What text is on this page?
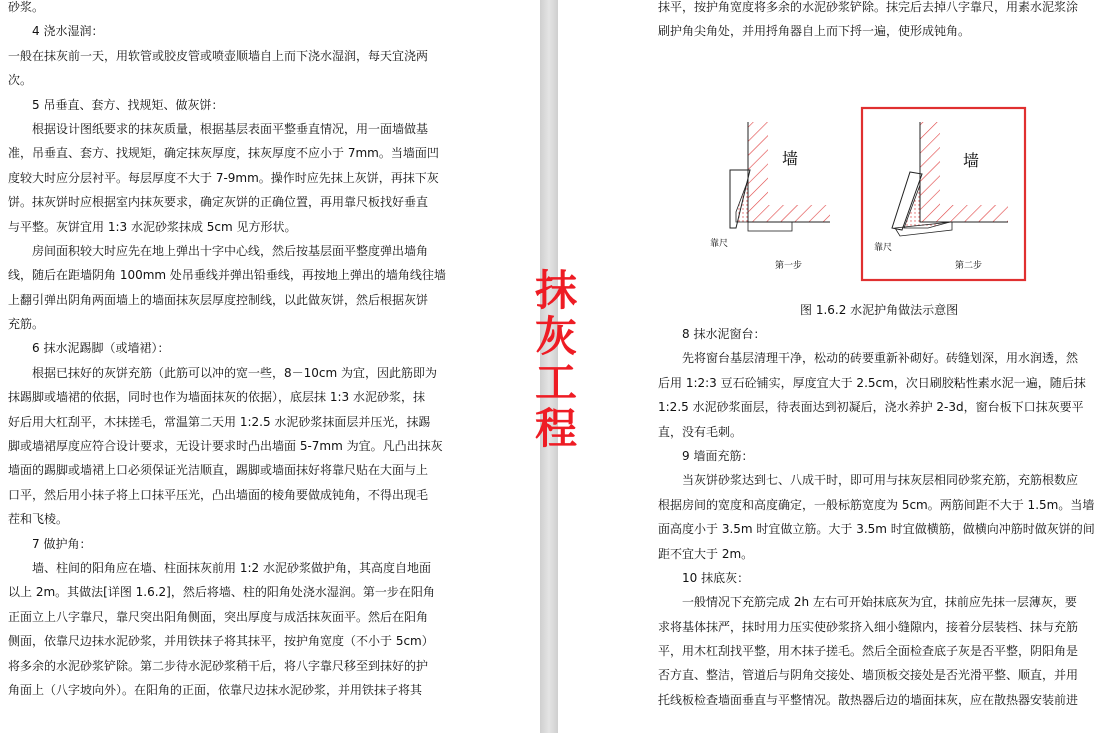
砂浆。
4 浇水湿润：
一般在抹灰前一天，用软管或胶皮管或喷壶顺墙自上而下浇水湿润，每天宜浇两
次。
5 吊垂直、套方、找规矩、做灰饼：
根据设计图纸要求的抹灰质量，根据基层表面平整垂直情况，用一面墙做基
准，吊垂直、套方、找规矩，确定抹灰厚度，抹灰厚度不应小于 7mm。当墙面凹
度较大时应分层衬平。每层厚度不大于 7-9mm。操作时应先抹上灰饼，再抹下灰
饼。抹灰饼时应根据室内抹灰要求，确定灰饼的正确位置，再用靠尺板找好垂直
与平整。灰饼宜用 1:3 水泥砂浆抹成 5cm 见方形状。
房间面积较大时应先在地上弹出十字中心线，然后按基层面平整度弹出墙角
线，随后在距墙阴角 100mm 处吊垂线并弹出铅垂线，再按地上弹出的墙角线往墙
上翻引弹出阴角两面墙上的墙面抹灰层厚度控制线，以此做灰饼，然后根据灰饼
充筋。
6 抹水泥踢脚（或墙裙）：
根据已抹好的灰饼充筋（此筋可以冲的宽一些，8－10cm 为宜，因此筋即为
抹踢脚或墙裙的依据，同时也作为墙面抹灰的依据），底层抹 1:3 水泥砂浆，抹
好后用大杠刮平，木抹搓毛，常温第二天用 1:2.5 水泥砂浆抹面层并压光，抹踢
脚或墙裙厚度应符合设计要求，无设计要求时凸出墙面 5-7mm 为宜。凡凸出抹灰
墙面的踢脚或墙裙上口必须保证光洁顺直，踢脚或墙面抹好将靠尺贴在大面与上
口平，然后用小抹子将上口抹平压光，凸出墙面的棱角要做成钝角，不得出现毛
茬和飞棱。
7 做护角：
墙、柱间的阳角应在墙、柱面抹灰前用 1:2 水泥砂浆做护角，其高度自地面
以上 2m。其做法[详图 1.6.2]，然后将墙、柱的阳角处浇水湿润。第一步在阳角
正面立上八字靠尺，靠尺突出阳角侧面，突出厚度与成活抹灰面平。然后在阳角
侧面，依靠尺边抹水泥砂浆，并用铁抹子将其抹平，按护角宽度（不小于 5cm）
将多余的水泥砂浆铲除。第二步待水泥砂浆稍干后，将八字靠尺移至到抹好的护
角面上（八字坡向外）。在阳角的正面，依靠尺边抹水泥砂浆，并用铁抹子将其
抹平，按护角宽度将多余的水泥砂浆铲除。抹完后去掉八字靠尺，用素水泥浆涂
刷护角尖角处，并用捋角器自上而下捋一遍，使形成钝角。
8 抹水泥窗台：
先将窗台基层清理干净，松动的砖要重新补砌好。砖缝划深，用水润透，然
后用 1:2:3 豆石砼铺实，厚度宜大于 2.5cm，次日刷胶粘性素水泥一遍，随后抹
1:2.5 水泥砂浆面层，待表面达到初凝后，浇水养护 2-3d，窗台板下口抹灰要平
直，没有毛刺。
9 墙面充筋：
当灰饼砂浆达到七、八成干时，即可用与抹灰层相同砂浆充筋，充筋根数应
根据房间的宽度和高度确定，一般标筋宽度为 5cm。两筋间距不大于 1.5m。当墙
面高度小于 3.5m 时宜做立筋。大于 3.5m 时宜做横筋，做横向冲筋时做灰饼的间
距不宜大于 2m。
10 抹底灰：
一般情况下充筋完成 2h 左右可开始抹底灰为宜，抹前应先抹一层薄灰，要
求将基体抹严，抹时用力压实使砂浆挤入细小缝隙内，接着分层装档、抹与充筋
平，用木杠刮找平整，用木抹子搓毛。然后全面检查底子灰是否平整，阴阳角是
否方直、整洁，管道后与阴角交接处、墙顶板交接处是否光滑平整、顺直，并用
托线板检查墙面垂直与平整情况。散热器后边的墙面抹灰，应在散热器安装前进
墙
靠尺
第一步
墙
靠尺
第二步
图 1.6.2 水泥护角做法示意图
抹
灰
工
程
